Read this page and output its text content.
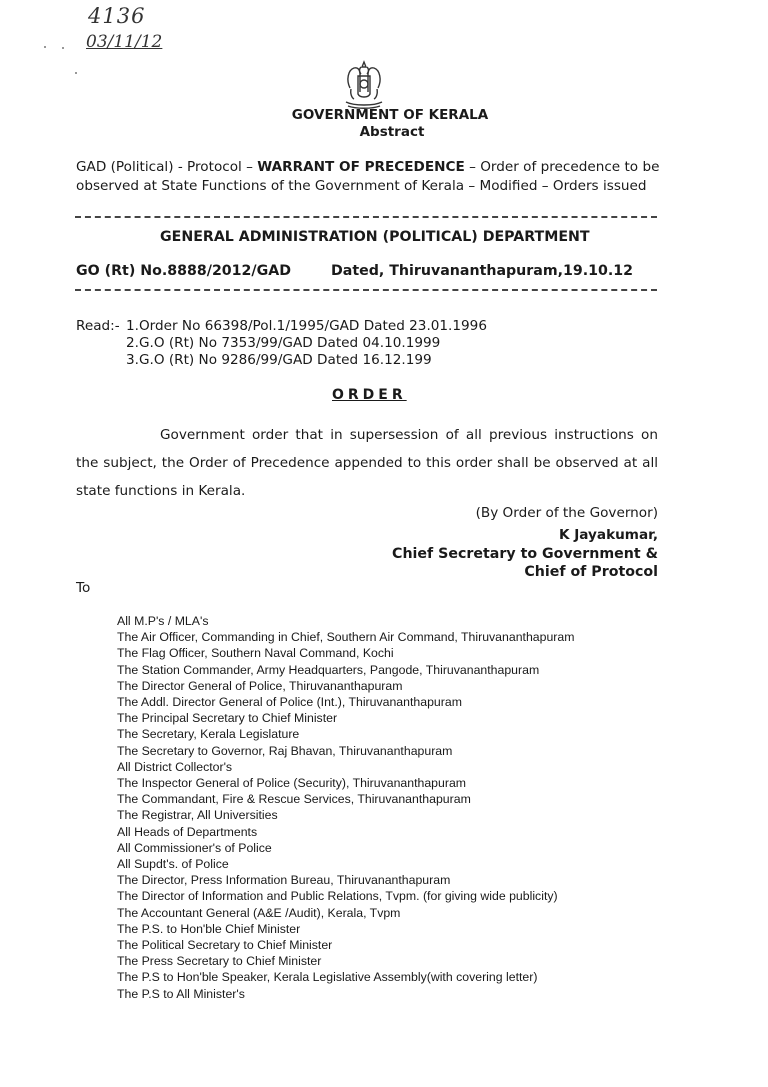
4136
03/11/12
GOVERNMENT OF KERALA
Abstract
GAD (Political) - Protocol – WARRANT OF PRECEDENCE – Order of precedence to be observed at State Functions of the Government of Kerala – Modified – Orders issued
GENERAL ADMINISTRATION (POLITICAL) DEPARTMENT
GO (Rt) No.8888/2012/GAD	Dated, Thiruvananthapuram,19.10.12
Read:- 1.Order No 66398/Pol.1/1995/GAD Dated 23.01.1996
2.G.O (Rt) No 7353/99/GAD Dated 04.10.1999
3.G.O (Rt) No 9286/99/GAD Dated 16.12.199
ORDER

Government order that in supersession of all previous instructions on the subject, the Order of Precedence appended to this order shall be observed at all state functions in Kerala.

(By Order of the Governor)
K Jayakumar,
Chief Secretary to Government &
Chief of Protocol
To
All M.P's / MLA's
The Air Officer, Commanding in Chief, Southern Air Command, Thiruvananthapuram
The Flag Officer, Southern Naval Command, Kochi
The Station Commander, Army Headquarters, Pangode, Thiruvananthapuram
The Director General of Police, Thiruvananthapuram
The Addl. Director General of Police (Int.), Thiruvananthapuram
The Principal Secretary to Chief Minister
The Secretary, Kerala Legislature
The Secretary to Governor, Raj Bhavan, Thiruvananthapuram
All District Collector's
The Inspector General of Police (Security), Thiruvananthapuram
The Commandant, Fire & Rescue Services, Thiruvananthapuram
The Registrar, All Universities
All Heads of Departments
All Commissioner's of Police
All Supdt's. of Police
The Director, Press Information Bureau, Thiruvananthapuram
The Director of Information and Public Relations, Tvpm. (for giving wide publicity)
The Accountant General (A&E /Audit), Kerala, Tvpm
The P.S. to Hon'ble Chief Minister
The Political Secretary to Chief Minister
The Press Secretary to Chief Minister
The P.S to Hon'ble Speaker, Kerala Legislative Assembly(with covering letter)
The P.S to All Minister's
